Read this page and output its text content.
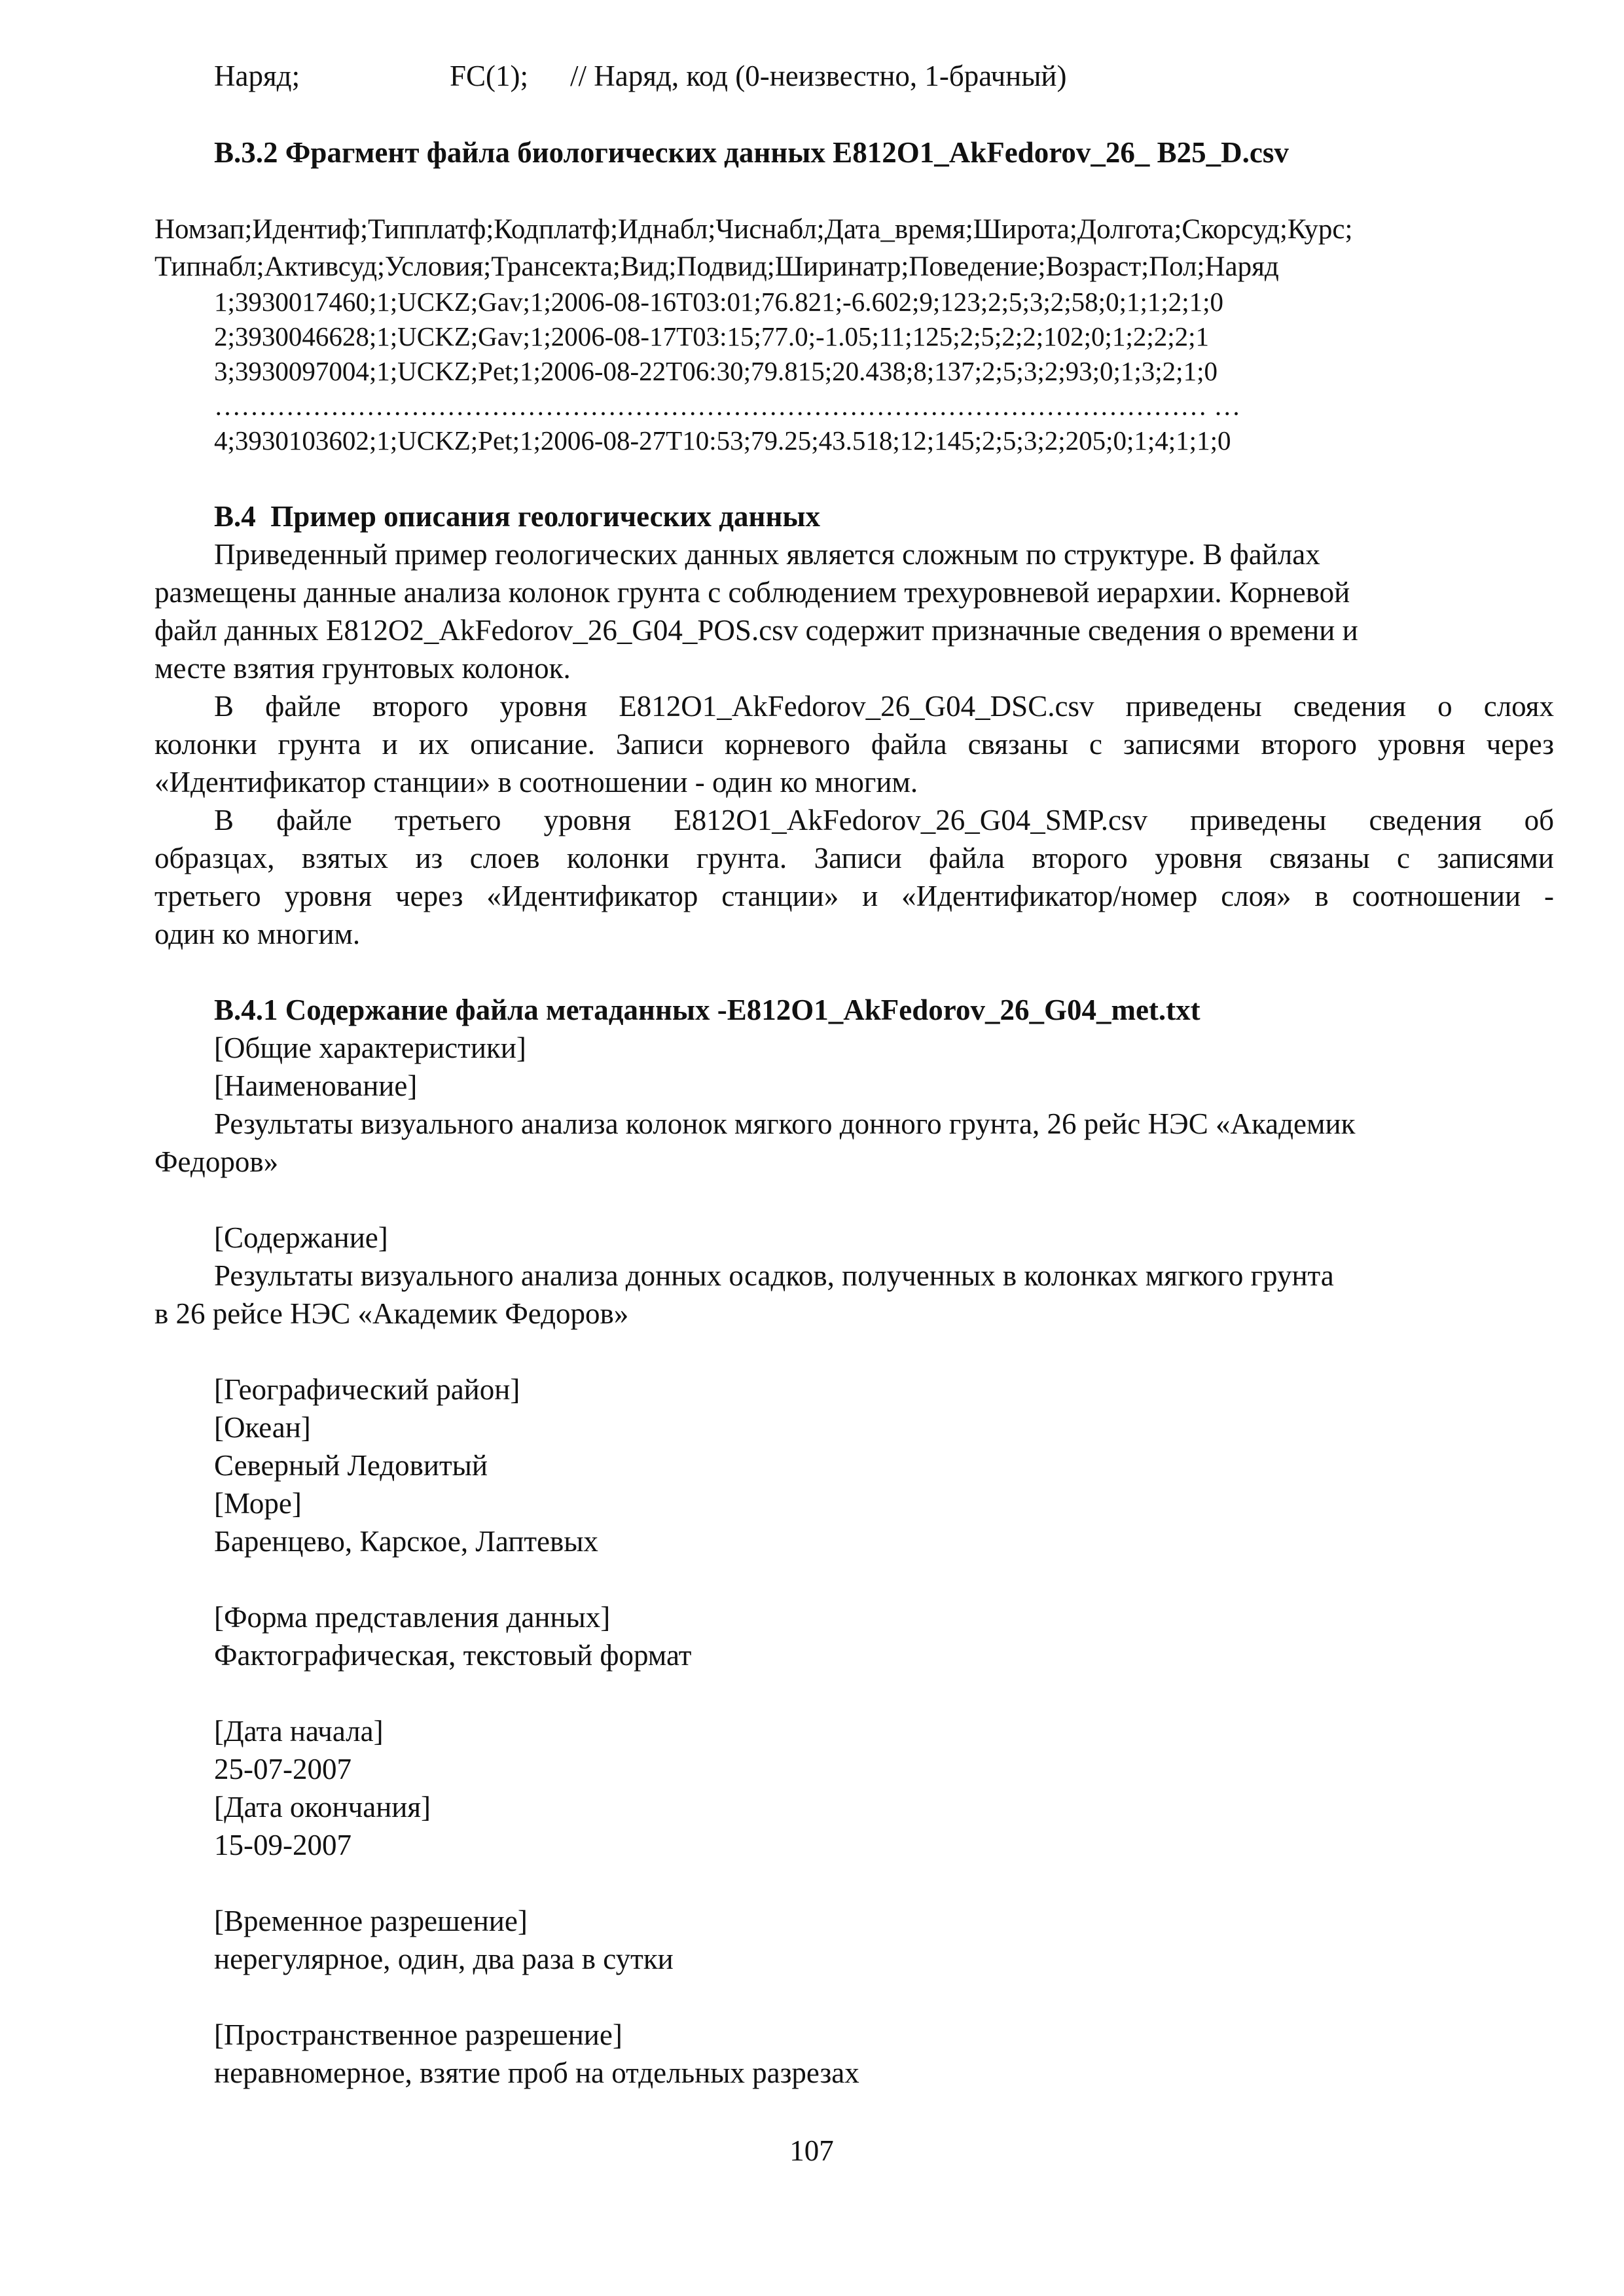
Наряд;	FC(1); // Наряд, код (0-неизвестно, 1-брачный)
В.3.2 Фрагмент файла биологических данных E812O1_AkFedorov_26_ B25_D.csv
Номзап;Идентиф;Типплатф;Кодплатф;Иднабл;Чиснабл;Дата_время;Широта;Долгота;Скорсуд;Курс;
Типнабл;Активсуд;Условия;Трансекта;Вид;Подвид;Ширинатр;Поведение;Возраст;Пол;Наряд
1;3930017460;1;UCKZ;Gav;1;2006-08-16T03:01;76.821;-6.602;9;123;2;5;3;2;58;0;1;1;2;1;0
2;3930046628;1;UCKZ;Gav;1;2006-08-17T03:15;77.0;-1.05;11;125;2;5;2;2;102;0;1;2;2;2;1
3;3930097004;1;UCKZ;Pet;1;2006-08-22T06:30;79.815;20.438;8;137;2;5;3;2;93;0;1;3;2;1;0
………………………………………………………………………………………………… …
4;3930103602;1;UCKZ;Pet;1;2006-08-27T10:53;79.25;43.518;12;145;2;5;3;2;205;0;1;4;1;1;0
В.4  Пример описания геологических данных
Приведенный пример геологических данных является сложным по структуре. В файлах
размещены данные анализа колонок грунта с соблюдением трехуровневой иерархии. Корневой
файл данных E812O2_AkFedorov_26_G04_POS.csv содержит призначные сведения о времени и
месте взятия грунтовых колонок.
В файле второго уровня E812O1_AkFedorov_26_G04_DSC.csv приведены сведения о слоях
колонки грунта и их описание. Записи корневого файла связаны с записями второго уровня через
«Идентификатор станции» в соотношении - один ко многим.
В файле третьего уровня E812O1_AkFedorov_26_G04_SMP.csv приведены сведения об
образцах, взятых из слоев колонки грунта. Записи файла второго уровня связаны с записями
третьего уровня через «Идентификатор станции» и «Идентификатор/номер слоя» в соотношении -
один ко многим.
В.4.1 Содержание файла метаданных -E812O1_AkFedorov_26_G04_met.txt
[Общие характеристики]
[Наименование]
Результаты визуального анализа колонок мягкого донного грунта, 26 рейс НЭС «Академик
Федоров»
[Содержание]
Результаты визуального анализа донных осадков, полученных в колонках мягкого грунта
в 26 рейсе НЭС «Академик Федоров»
[Географический район]
[Океан]
Северный Ледовитый
[Море]
Баренцево, Карское, Лаптевых
[Форма представления данных]
Фактографическая, текстовый формат
[Дата начала]
25-07-2007
[Дата окончания]
15-09-2007
[Временное разрешение]
нерегулярное, один, два раза в сутки
[Пространственное разрешение]
неравномерное, взятие проб на отдельных разрезах
107
